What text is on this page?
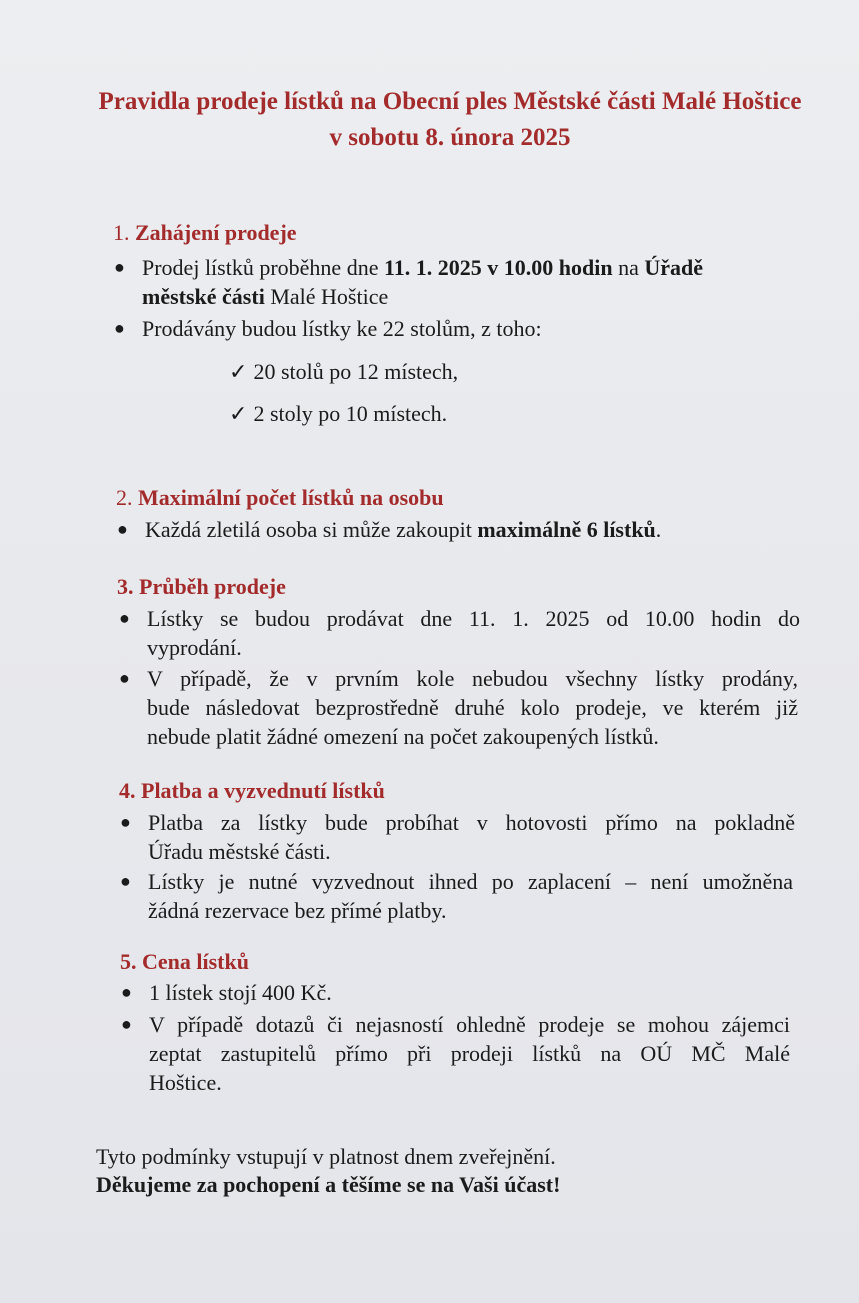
Pravidla prodeje lístků na Obecní ples Městské části Malé Hoštice
v sobotu 8. února 2025
1. Zahájení prodeje
● Prodej lístků proběhne dne 11. 1. 2025 v 10.00 hodin na Úřadě
městské části Malé Hoštice
● Prodávány budou lístky ke 22 stolům, z toho:
✓ 20 stolů po 12 místech,
✓ 2 stoly po 10 místech.
2. Maximální počet lístků na osobu
● Každá zletilá osoba si může zakoupit maximálně 6 lístků.
3. Průběh prodeje
● Lístky se budou prodávat dne 11. 1. 2025 od 10.00 hodin do
vyprodání.
● V případě, že v prvním kole nebudou všechny lístky prodány,
bude následovat bezprostředně druhé kolo prodeje, ve kterém již
nebude platit žádné omezení na počet zakoupených lístků.
4. Platba a vyzvednutí lístků
● Platba za lístky bude probíhat v hotovosti přímo na pokladně
Úřadu městské části.
● Lístky je nutné vyzvednout ihned po zaplacení – není umožněna
žádná rezervace bez přímé platby.
5. Cena lístků
● 1 lístek stojí 400 Kč.
● V případě dotazů či nejasností ohledně prodeje se mohou zájemci
zeptat zastupitelů přímo při prodeji lístků na OÚ MČ Malé
Hoštice.
Tyto podmínky vstupují v platnost dnem zveřejnění.
Děkujeme za pochopení a těšíme se na Vaši účast!
